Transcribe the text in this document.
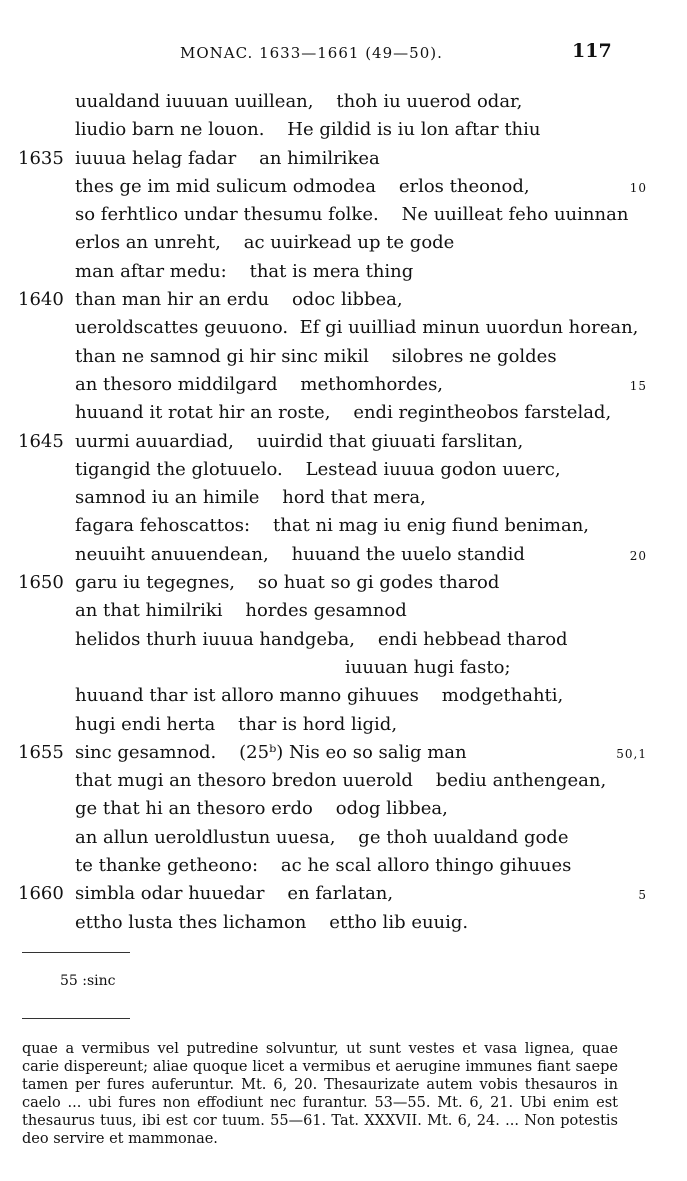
MONAC. 1633—1661 (49—50).	117
uualdand iuuuan uuillean,    thoh iu uuerod odar,
liudio barn ne louon.    He gildid is iu lon aftar thiu
1635 iuuua helag fadar    an himilrikea
thes ge im mid sulicum odmodea    erlos theonod,	10
so ferhtlico undar thesumu folke.    Ne uuilleat feho uuinnan
erlos an unreht,    ac uuirkead up te gode
man aftar medu:    that is mera thing
1640 than man hir an erdu    odoc libbea,
ueroldscattes geuuono.  Ef gi uuilliad minun uuordun horean,
than ne samnod gi hir sinc mikil    silobres ne goldes
an thesoro middilgard    methomhordes,	15
huuand it rotat hir an roste,    endi regintheobos farstelad,
1645 uurmi auuardiad,    uuirdid that giuuati farslitan,
tigangid the glotuuelo.    Lestead iuuua godon uuerc,
samnod iu an himile    hord that mera,
fagara fehoscattos:    that ni mag iu enig fiund beniman,
neuuiht anuuendean,    huuand the uuelo standid	20
1650 garu iu tegegnes,    so huat so gi godes tharod
an that himilriki    hordes gesamnod
helidos thurh iuuua handgeba,    endi hebbead tharod
iuuuan hugi fasto;
huuand thar ist alloro manno gihuues    modgethahti,
hugi endi herta    thar is hord ligid,
1655 sinc gesamnod.    (25ᵇ) Nis eo so salig man	50,1
that mugi an thesoro bredon uuerold    bediu anthengean,
ge that hi an thesoro erdo    odog libbea,
an allun ueroldlustun uuesa,    ge thoh uualdand gode
te thanke getheono:    ac he scal alloro thingo gihuues
1660 simbla odar huuedar    en farlatan,	5
ettho lusta thes lichamon    ettho lib euuig.
55 :sinc

quae a vermibus vel putredine solvuntur, ut sunt vestes et vasa lignea, quae carie dispereunt; aliae quoque licet a vermibus et aerugine immunes fiant saepe tamen per fures auferuntur. Mt. 6, 20. Thesaurizate autem vobis thesauros in caelo ... ubi fures non effodiunt nec furantur. 53—55. Mt. 6, 21. Ubi enim est thesaurus tuus, ibi est cor tuum. 55—61. Tat. XXXVII. Mt. 6, 24. ... Non potestis deo servire et mammonae.
